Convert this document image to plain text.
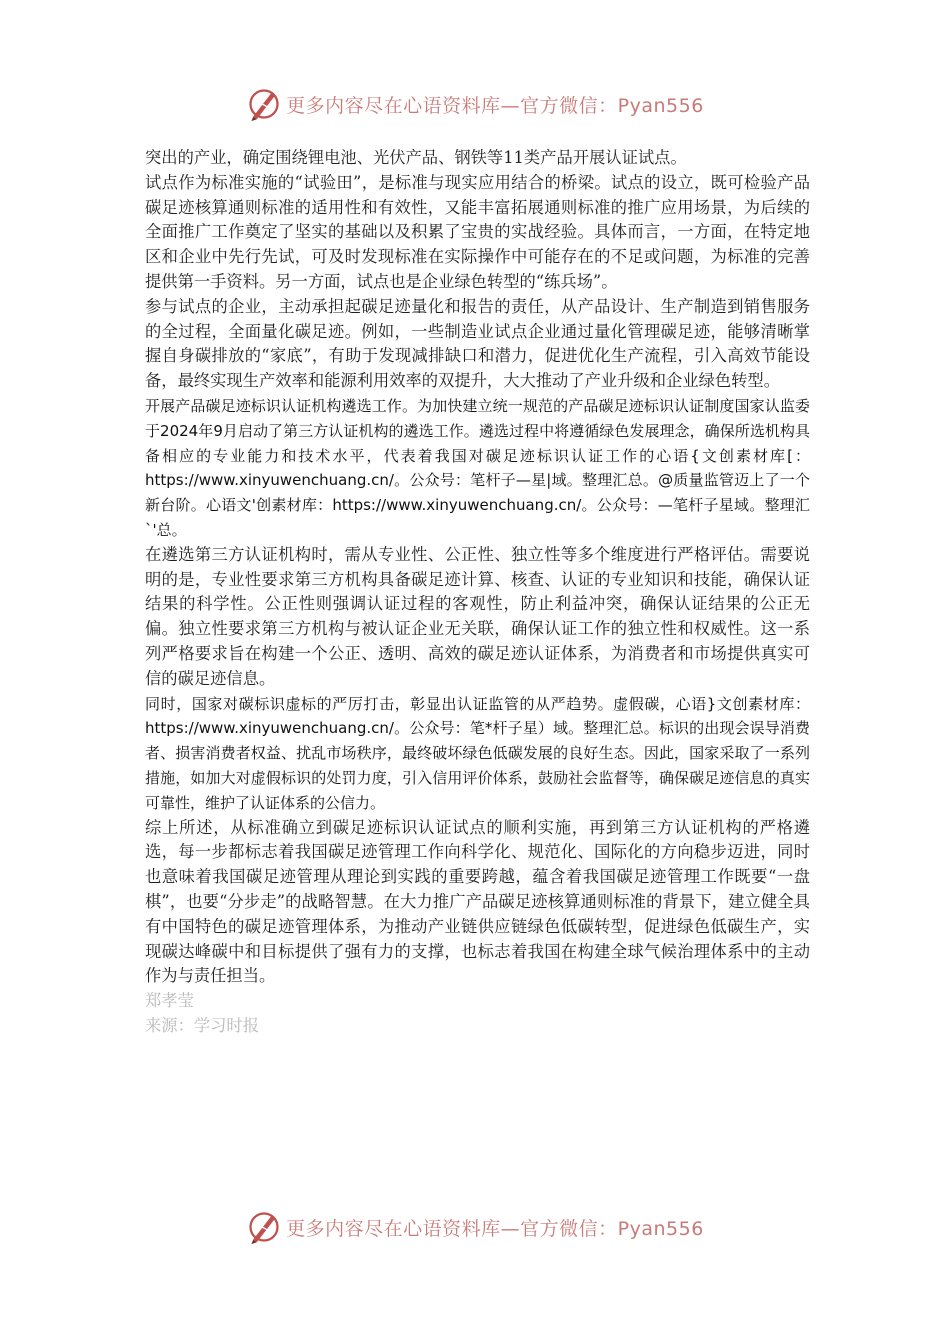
更多内容尽在心语资料库—官方微信：Pyan556

突出的产业，确定围绕锂电池、光伏产品、钢铁等11类产品开展认证试点。

试点作为标准实施的“试验田”，是标准与现实应用结合的桥梁。试点的设立，既可检验产品碳足迹核算通则标准的适用性和有效性，又能丰富拓展通则标准的推广应用场景，为后续的全面推广工作奠定了坚实的基础以及积累了宝贵的实战经验。具体而言，一方面，在特定地区和企业中先行先试，可及时发现标准在实际操作中可能存在的不足或问题，为标准的完善提供第一手资料。另一方面，试点也是企业绿色转型的“练兵场”。

参与试点的企业，主动承担起碳足迹量化和报告的责任，从产品设计、生产制造到销售服务的全过程，全面量化碳足迹。例如，一些制造业试点企业通过量化管理碳足迹，能够清晰掌握自身碳排放的“家底”，有助于发现减排缺口和潜力，促进优化生产流程，引入高效节能设备，最终实现生产效率和能源利用效率的双提升，大大推动了产业升级和企业绿色转型。

开展产品碳足迹标识认证机构遴选工作。为加快建立统一规范的产品碳足迹标识认证制度国家认监委于2024年9月启动了第三方认证机构的遴选工作。遴选过程中将遵循绿色发展理念，确保所选机构具备相应的专业能力和技术水平，代表着我国对碳足迹标识认证工作的心语{文创素材库[：https://www.xinyuwenchuang.cn/。公众号：笔杆子—星|域。整理汇总。@质量监管迈上了一个新台阶。心语文'创素材库：https://www.xinyuwenchuang.cn/。公众号：—笔杆子星域。整理汇`'总。

在遴选第三方认证机构时，需从专业性、公正性、独立性等多个维度进行严格评估。需要说明的是，专业性要求第三方机构具备碳足迹计算、核查、认证的专业知识和技能，确保认证结果的科学性。公正性则强调认证过程的客观性，防止利益冲突，确保认证结果的公正无偏。独立性要求第三方机构与被认证企业无关联，确保认证工作的独立性和权威性。这一系列严格要求旨在构建一个公正、透明、高效的碳足迹认证体系，为消费者和市场提供真实可信的碳足迹信息。

同时，国家对碳标识虚标的严厉打击，彰显出认证监管的从严趋势。虚假碳，心语}文创素材库：https://www.xinyuwenchuang.cn/。公众号：笔*杆子星）域。整理汇总。标识的出现会误导消费者、损害消费者权益、扰乱市场秩序，最终破坏绿色低碳发展的良好生态。因此，国家采取了一系列措施，如加大对虚假标识的处罚力度，引入信用评价体系，鼓励社会监督等，确保碳足迹信息的真实可靠性，维护了认证体系的公信力。

综上所述，从标准确立到碳足迹标识认证试点的顺利实施，再到第三方认证机构的严格遴选，每一步都标志着我国碳足迹管理工作向科学化、规范化、国际化的方向稳步迈进，同时也意味着我国碳足迹管理从理论到实践的重要跨越，蕴含着我国碳足迹管理工作既要“一盘棋”，也要“分步走”的战略智慧。在大力推广产品碳足迹核算通则标准的背景下，建立健全具有中国特色的碳足迹管理体系，为推动产业链供应链绿色低碳转型，促进绿色低碳生产，实现碳达峰碳中和目标提供了强有力的支撑，也标志着我国在构建全球气候治理体系中的主动作为与责任担当。

郑孝莹

来源：学习时报

更多内容尽在心语资料库—官方微信：Pyan556
